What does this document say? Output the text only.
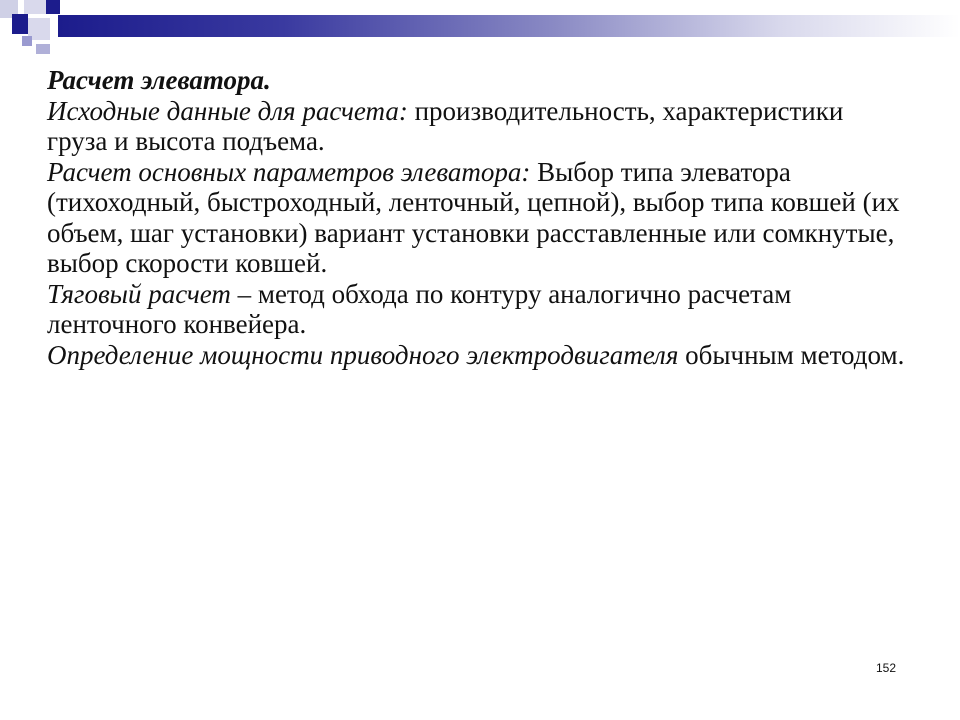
Расчет элеватора.

Исходные данные для расчета: производительность, характеристики груза и высота подъема.

Расчет основных параметров элеватора: Выбор типа элеватора (тихоходный, быстроходный, ленточный, цепной), выбор типа ковшей (их объем, шаг установки) вариант установки расставленные или сомкнутые, выбор скорости ковшей.

Тяговый расчет – метод обхода по контуру аналогично расчетам ленточного конвейера.

Определение мощности приводного электродвигателя обычным методом.

152
